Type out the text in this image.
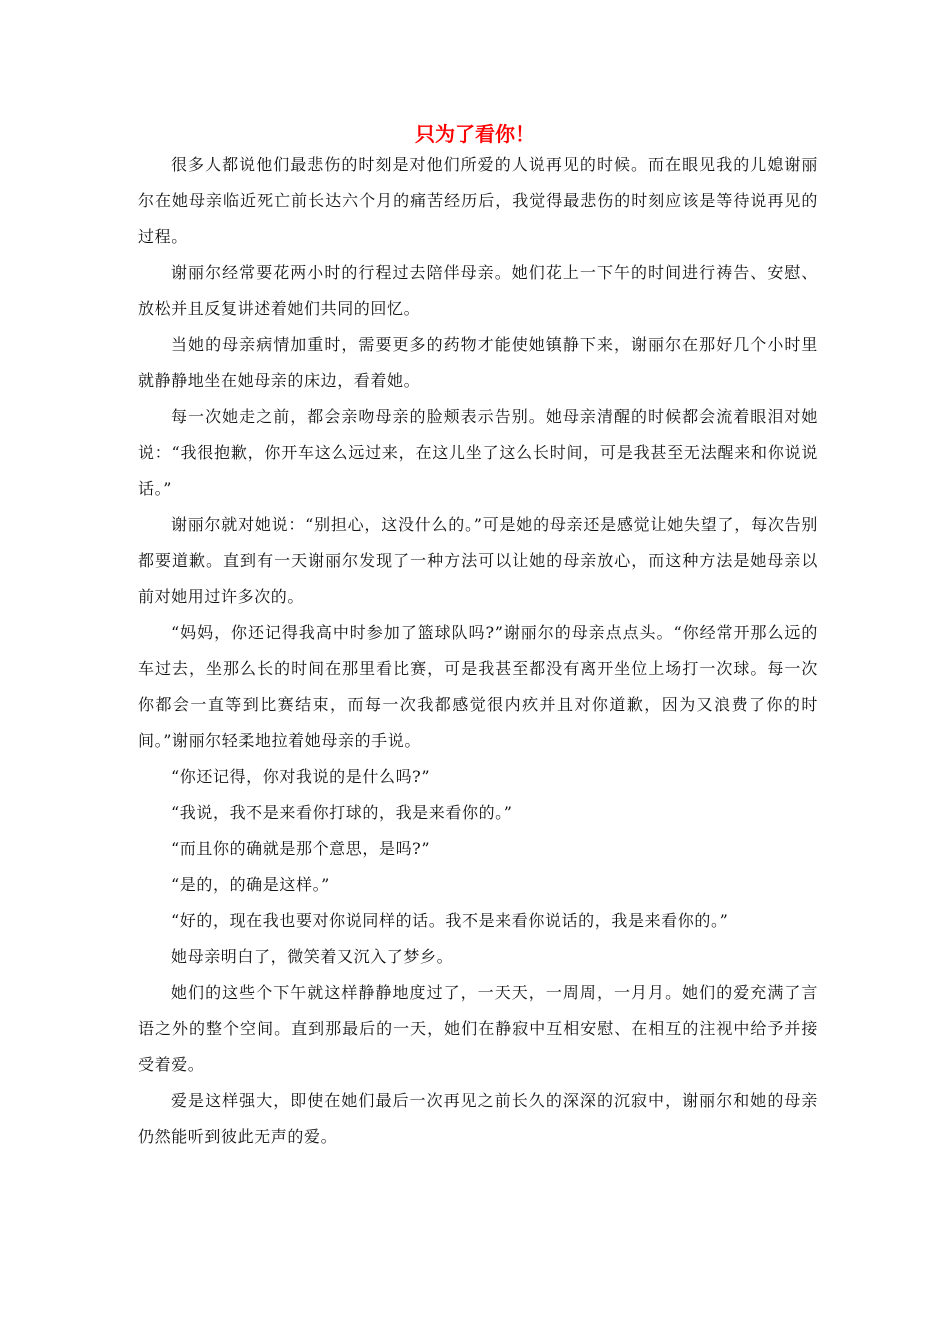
只为了看你！

很多人都说他们最悲伤的时刻是对他们所爱的人说再见的时候。而在眼见我的儿媳谢丽尔在她母亲临近死亡前长达六个月的痛苦经历后，我觉得最悲伤的时刻应该是等待说再见的过程。

谢丽尔经常要花两小时的行程过去陪伴母亲。她们花上一下午的时间进行祷告、安慰、放松并且反复讲述着她们共同的回忆。

当她的母亲病情加重时，需要更多的药物才能使她镇静下来，谢丽尔在那好几个小时里就静静地坐在她母亲的床边，看着她。

每一次她走之前，都会亲吻母亲的脸颊表示告别。她母亲清醒的时候都会流着眼泪对她说：“我很抱歉，你开车这么远过来，在这儿坐了这么长时间，可是我甚至无法醒来和你说说话。”

谢丽尔就对她说：“别担心，这没什么的。”可是她的母亲还是感觉让她失望了，每次告别都要道歉。直到有一天谢丽尔发现了一种方法可以让她的母亲放心，而这种方法是她母亲以前对她用过许多次的。

“妈妈，你还记得我高中时参加了篮球队吗?”谢丽尔的母亲点点头。“你经常开那么远的车过去，坐那么长的时间在那里看比赛，可是我甚至都没有离开坐位上场打一次球。每一次你都会一直等到比赛结束，而每一次我都感觉很内疚并且对你道歉，因为又浪费了你的时间。”谢丽尔轻柔地拉着她母亲的手说。

“你还记得，你对我说的是什么吗?”

“我说，我不是来看你打球的，我是来看你的。”

“而且你的确就是那个意思，是吗?”

“是的，的确是这样。”

“好的，现在我也要对你说同样的话。我不是来看你说话的，我是来看你的。”

她母亲明白了，微笑着又沉入了梦乡。

她们的这些个下午就这样静静地度过了，一天天，一周周，一月月。她们的爱充满了言语之外的整个空间。直到那最后的一天，她们在静寂中互相安慰、在相互的注视中给予并接受着爱。

爱是这样强大，即使在她们最后一次再见之前长久的深深的沉寂中，谢丽尔和她的母亲仍然能听到彼此无声的爱。
